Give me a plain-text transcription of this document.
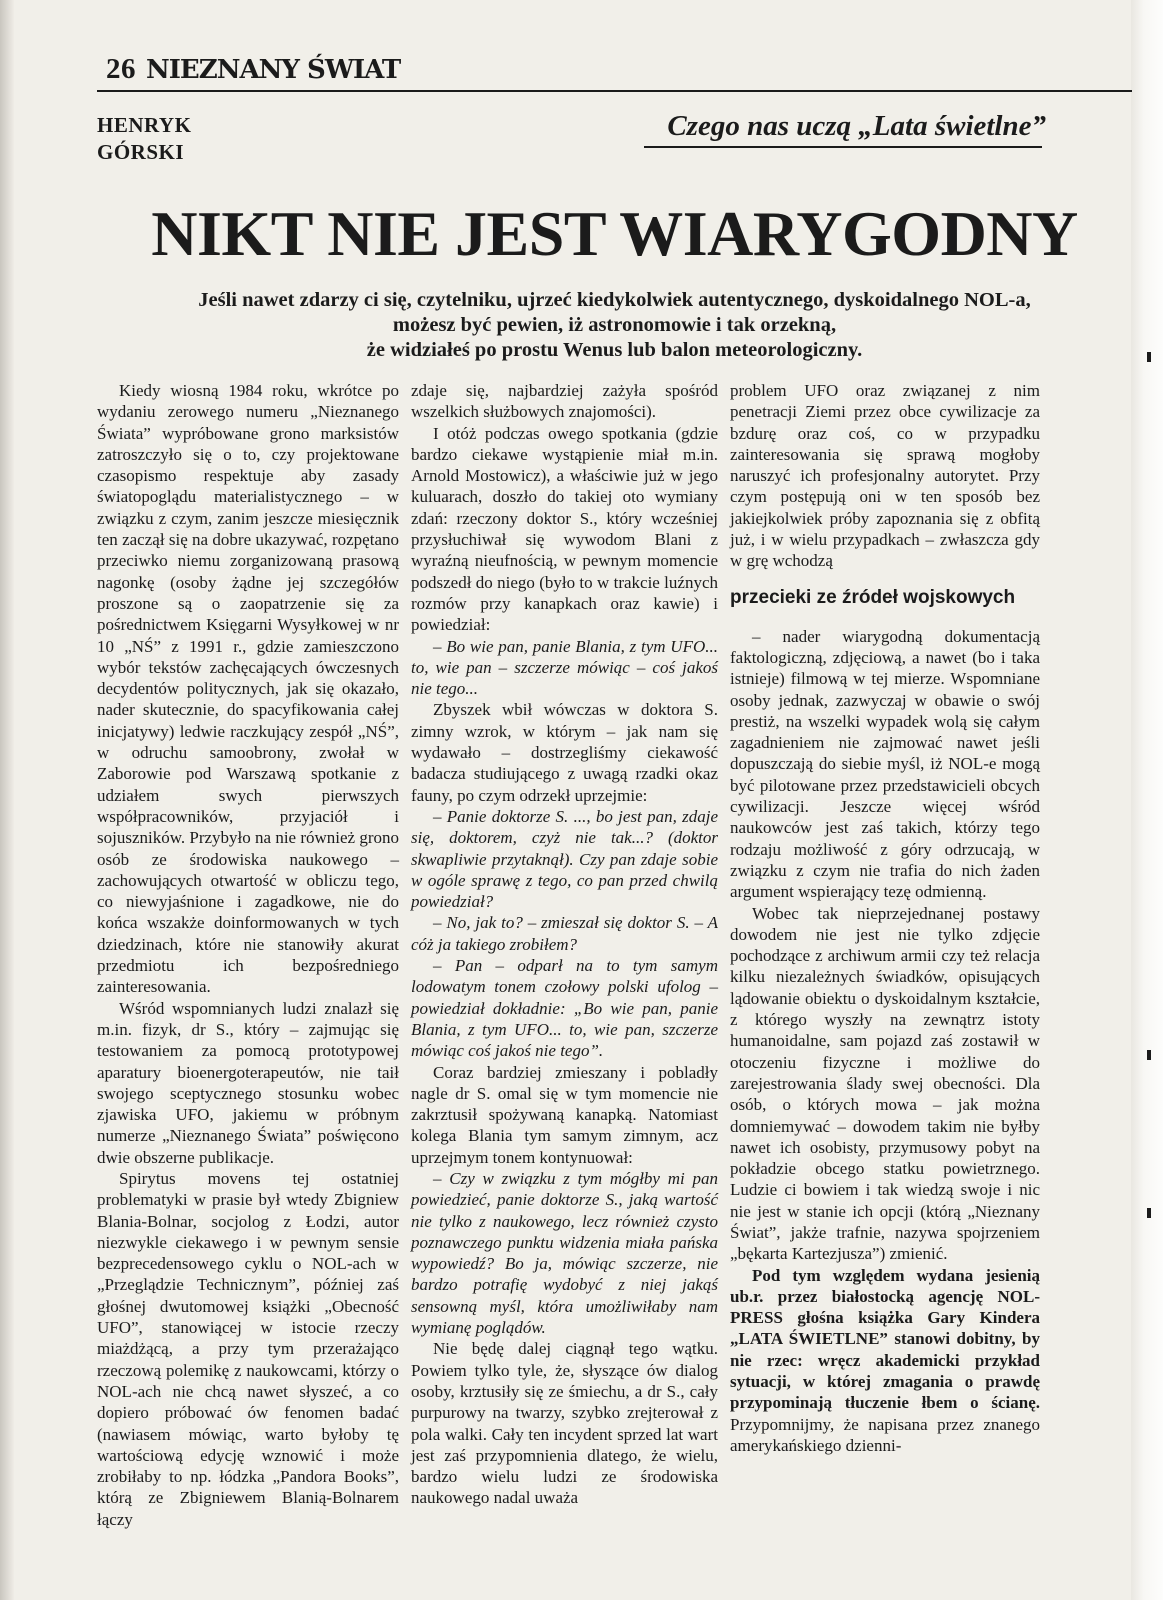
26 NIEZNANY ŚWIAT
HENRYK
GÓRSKI
Czego nas uczą „Lata świetlne”
NIKT NIE JEST WIARYGODNY
Jeśli nawet zdarzy ci się, czytelniku, ujrzeć kiedykolwiek autentycznego, dyskoidalnego NOL-a,
możesz być pewien, iż astronomowie i tak orzekną,
że widziałeś po prostu Wenus lub balon meteorologiczny.

Kiedy wiosną 1984 roku, wkrótce po wydaniu zerowego numeru „Nieznanego Świata” wypróbowane grono marksistów zatroszczyło się o to, czy projektowane czasopismo respektuje aby zasady światopoglądu materialistycznego – w związku z czym, zanim jeszcze miesięcznik ten zaczął się na dobre ukazywać, rozpętano przeciwko niemu zorganizowaną prasową nagonkę (osoby żądne jej szczegółów proszone są o zaopatrzenie się za pośrednictwem Księgarni Wysyłkowej w nr 10 „NŚ” z 1991 r., gdzie zamieszczono wybór tekstów zachęcających ówczesnych decydentów politycznych, jak się okazało, nader skutecznie, do spacyfikowania całej inicjatywy) ledwie raczkujący zespół „NŚ”, w odruchu samoobrony, zwołał w Zaborowie pod Warszawą spotkanie z udziałem swych pierwszych współpracowników, przyjaciół i sojuszników. Przybyło na nie również grono osób ze środowiska naukowego – zachowujących otwartość w obliczu tego, co niewyjaśnione i zagadkowe, nie do końca wszakże doinformowanych w tych dziedzinach, które nie stanowiły akurat przedmiotu ich bezpośredniego zainteresowania.

Wśród wspomnianych ludzi znalazł się m.in. fizyk, dr S., który – zajmując się testowaniem za pomocą prototypowej aparatury bioenergoterapeutów, nie taił swojego sceptycznego stosunku wobec zjawiska UFO, jakiemu w próbnym numerze „Nieznanego Świata” poświęcono dwie obszerne publikacje.

Spirytus movens tej ostatniej problematyki w prasie był wtedy Zbigniew Blania-Bolnar, socjolog z Łodzi, autor niezwykle ciekawego i w pewnym sensie bezprecedensowego cyklu o NOL-ach w „Przeglądzie Technicznym”, później zaś głośnej dwutomowej książki „Obecność UFO”, stanowiącej w istocie rzeczy miażdżącą, a przy tym przerażająco rzeczową polemikę z naukowcami, którzy o NOL-ach nie chcą nawet słyszeć, a co dopiero próbować ów fenomen badać (nawiasem mówiąc, warto byłoby tę wartościową edycję wznowić i może zrobiłaby to np. łódzka „Pandora Books”, którą ze Zbigniewem Blanią-Bolnarem łączy

zdaje się, najbardziej zażyła spośród wszelkich służbowych znajomości).

I otóż podczas owego spotkania (gdzie bardzo ciekawe wystąpienie miał m.in. Arnold Mostowicz), a właściwie już w jego kuluarach, doszło do takiej oto wymiany zdań: rzeczony doktor S., który wcześniej przysłuchiwał się wywodom Blani z wyraźną nieufnością, w pewnym momencie podszedł do niego (było to w trakcie luźnych rozmów przy kanapkach oraz kawie) i powiedział:

– Bo wie pan, panie Blania, z tym UFO... to, wie pan – szczerze mówiąc – coś jakoś nie tego...

Zbyszek wbił wówczas w doktora S. zimny wzrok, w którym – jak nam się wydawało – dostrzegliśmy ciekawość badacza studiującego z uwagą rzadki okaz fauny, po czym odrzekł uprzejmie:

– Panie doktorze S. ..., bo jest pan, zdaje się, doktorem, czyż nie tak...? (doktor skwapliwie przytaknął). Czy pan zdaje sobie w ogóle sprawę z tego, co pan przed chwilą powiedział?

– No, jak to? – zmieszał się doktor S. – A cóż ja takiego zrobiłem?

– Pan – odparł na to tym samym lodowatym tonem czołowy polski ufolog – powiedział dokładnie: „Bo wie pan, panie Blania, z tym UFO... to, wie pan, szczerze mówiąc coś jakoś nie tego”.

Coraz bardziej zmieszany i pobladły nagle dr S. omal się w tym momencie nie zakrztusił spożywaną kanapką. Natomiast kolega Blania tym samym zimnym, acz uprzejmym tonem kontynuował:

– Czy w związku z tym mógłby mi pan powiedzieć, panie doktorze S., jaką wartość nie tylko z naukowego, lecz również czysto poznawczego punktu widzenia miała pańska wypowiedź? Bo ja, mówiąc szczerze, nie bardzo potrafię wydobyć z niej jakąś sensowną myśl, która umożliwiłaby nam wymianę poglądów.

Nie będę dalej ciągnął tego wątku. Powiem tylko tyle, że, słyszące ów dialog osoby, krztusiły się ze śmiechu, a dr S., cały purpurowy na twarzy, szybko zrejterował z pola walki. Cały ten incydent sprzed lat wart jest zaś przypomnienia dlatego, że wielu, bardzo wielu ludzi ze środowiska naukowego nadal uważa

problem UFO oraz związanej z nim penetracji Ziemi przez obce cywilizacje za bzdurę oraz coś, co w przypadku zainteresowania się sprawą mogłoby naruszyć ich profesjonalny autorytet. Przy czym postępują oni w ten sposób bez jakiejkolwiek próby zapoznania się z obfitą już, i w wielu przypadkach – zwłaszcza gdy w grę wchodzą

przecieki ze źródeł wojskowych

– nader wiarygodną dokumentacją faktologiczną, zdjęciową, a nawet (bo i taka istnieje) filmową w tej mierze. Wspomniane osoby jednak, zazwyczaj w obawie o swój prestiż, na wszelki wypadek wolą się całym zagadnieniem nie zajmować nawet jeśli dopuszczają do siebie myśl, iż NOL-e mogą być pilotowane przez przedstawicieli obcych cywilizacji. Jeszcze więcej wśród naukowców jest zaś takich, którzy tego rodzaju możliwość z góry odrzucają, w związku z czym nie trafia do nich żaden argument wspierający tezę odmienną.

Wobec tak nieprzejednanej postawy dowodem nie jest nie tylko zdjęcie pochodzące z archiwum armii czy też relacja kilku niezależnych świadków, opisujących lądowanie obiektu o dyskoidalnym kształcie, z którego wyszły na zewnątrz istoty humanoidalne, sam pojazd zaś zostawił w otoczeniu fizyczne i możliwe do zarejestrowania ślady swej obecności. Dla osób, o których mowa – jak można domniemywać – dowodem takim nie byłby nawet ich osobisty, przymusowy pobyt na pokładzie obcego statku powietrznego. Ludzie ci bowiem i tak wiedzą swoje i nic nie jest w stanie ich opcji (którą „Nieznany Świat”, jakże trafnie, nazywa spojrzeniem „bękarta Kartezjusza”) zmienić.

Pod tym względem wydana jesienią ub.r. przez białostocką agencję NOL-PRESS głośna książka Gary Kindera „LATA ŚWIETLNE” stanowi dobitny, by nie rzec: wręcz akademicki przykład sytuacji, w której zmagania o prawdę przypominają tłuczenie łbem o ścianę. Przypomnijmy, że napisana przez znanego amerykańskiego dzienni-
